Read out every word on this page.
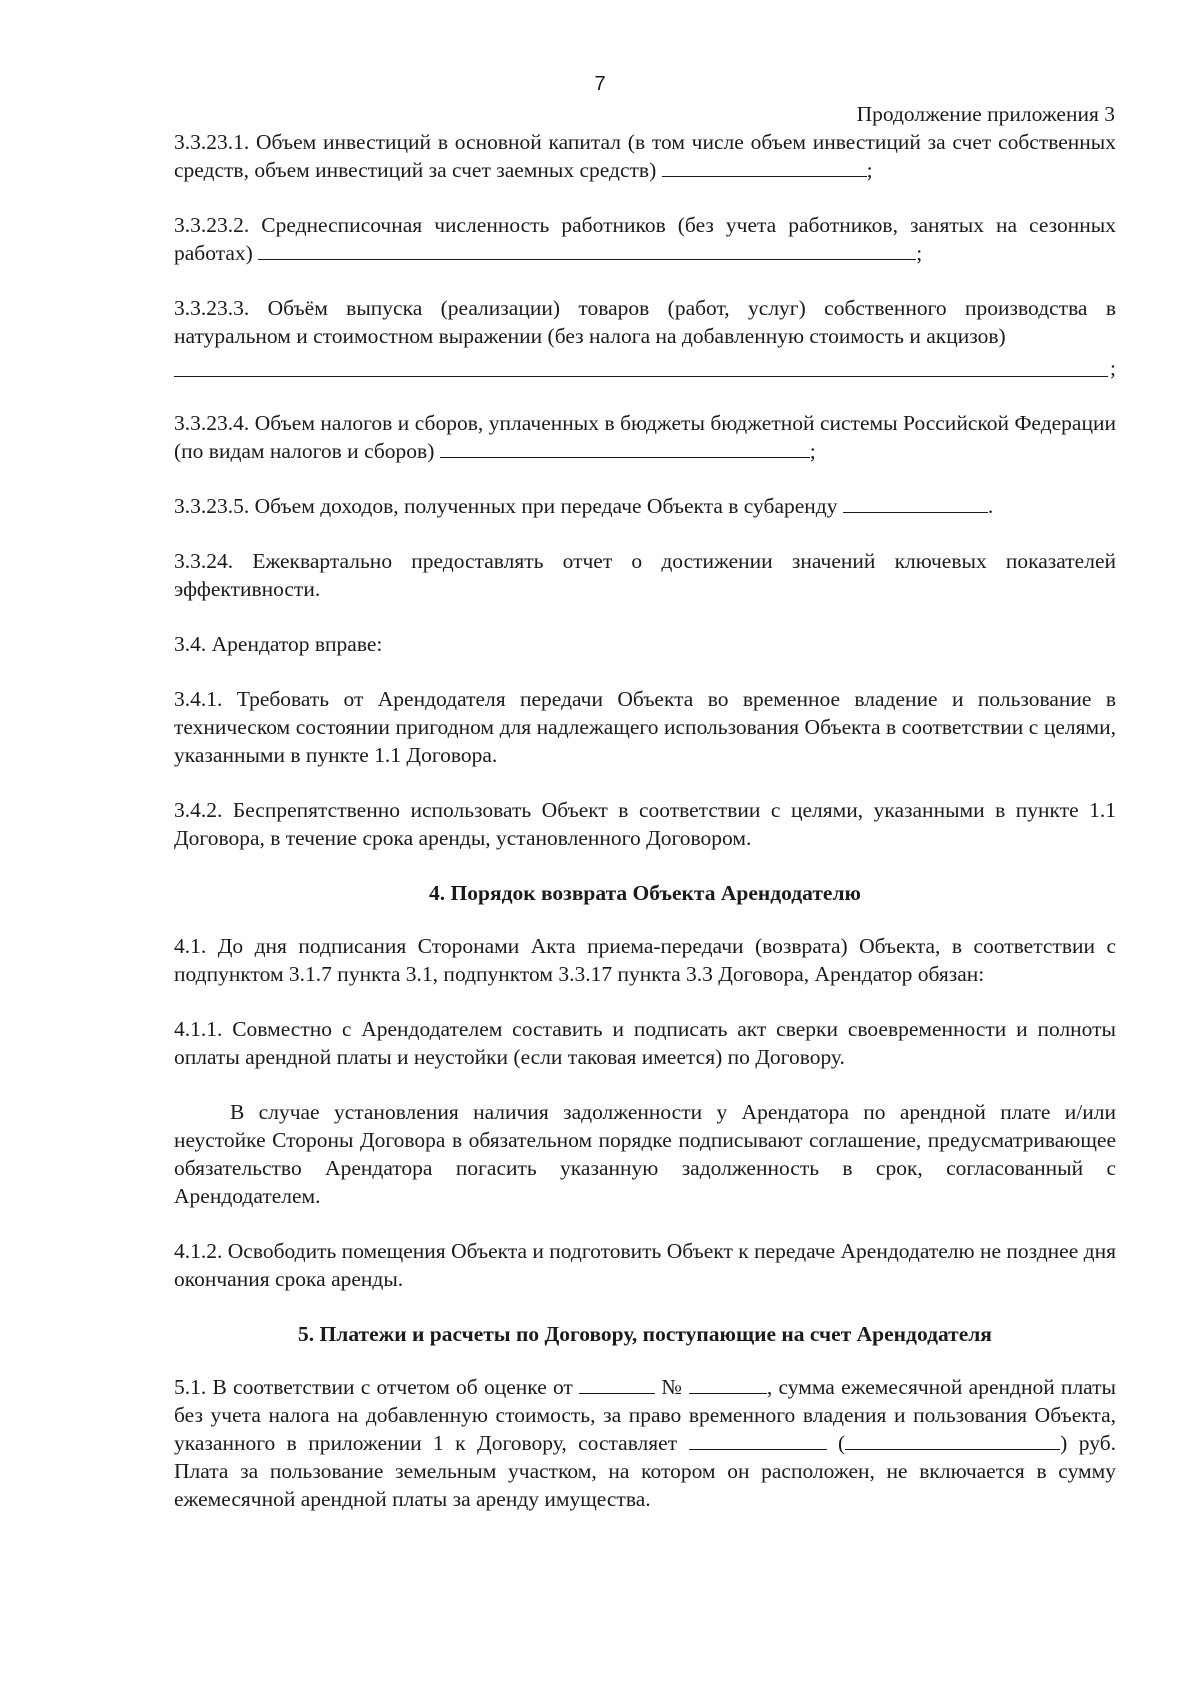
7
Продолжение приложения 3

3.3.23.1. Объем инвестиций в основной капитал (в том числе объем инвестиций за счет собственных средств, объем инвестиций за счет заемных средств)	;

3.3.23.2. Среднесписочная численность работников (без учета работников, занятых на сезонных работах)	;

3.3.23.3. Объём выпуска (реализации) товаров (работ, услуг) собственного производства в натуральном и стоимостном выражении (без налога на добавленную стоимость и акцизов)

;

3.3.23.4. Объем налогов и сборов, уплаченных в бюджеты бюджетной системы Российской Федерации (по видам налогов и сборов)	;

3.3.23.5. Объем доходов, полученных при передаче Объекта в субаренду	.

3.3.24. Ежеквартально предоставлять отчет о достижении значений ключевых показателей эффективности.

3.4. Арендатор вправе:

3.4.1. Требовать от Арендодателя передачи Объекта во временное владение и пользование в техническом состоянии пригодном для надлежащего использования Объекта в соответствии с целями, указанными в пункте 1.1 Договора.

3.4.2. Беспрепятственно использовать Объект в соответствии с целями, указанными в пункте 1.1 Договора, в течение срока аренды, установленного Договором.

4. Порядок возврата Объекта Арендодателю

4.1. До дня подписания Сторонами Акта приема-передачи (возврата) Объекта, в соответствии с подпунктом 3.1.7 пункта 3.1, подпунктом 3.3.17 пункта 3.3 Договора, Арендатор обязан:

4.1.1. Совместно с Арендодателем составить и подписать акт сверки своевременности и полноты оплаты арендной платы и неустойки (если таковая имеется) по Договору.

В случае установления наличия задолженности у Арендатора по арендной плате и/или неустойке Стороны Договора в обязательном порядке подписывают соглашение, предусматривающее обязательство Арендатора погасить указанную задолженность в срок, согласованный с Арендодателем.

4.1.2. Освободить помещения Объекта и подготовить Объект к передаче Арендодателю не позднее дня окончания срока аренды.

5. Платежи и расчеты по Договору, поступающие на счет Арендодателя

5.1. В соответствии с отчетом об оценке от	№	, сумма ежемесячной арендной платы без учета налога на добавленную стоимость, за право временного владения и пользования Объекта, указанного в приложении 1 к Договору, составляет	(	) руб. Плата за пользование земельным участком, на котором он расположен, не включается в сумму ежемесячной арендной платы за аренду имущества.
